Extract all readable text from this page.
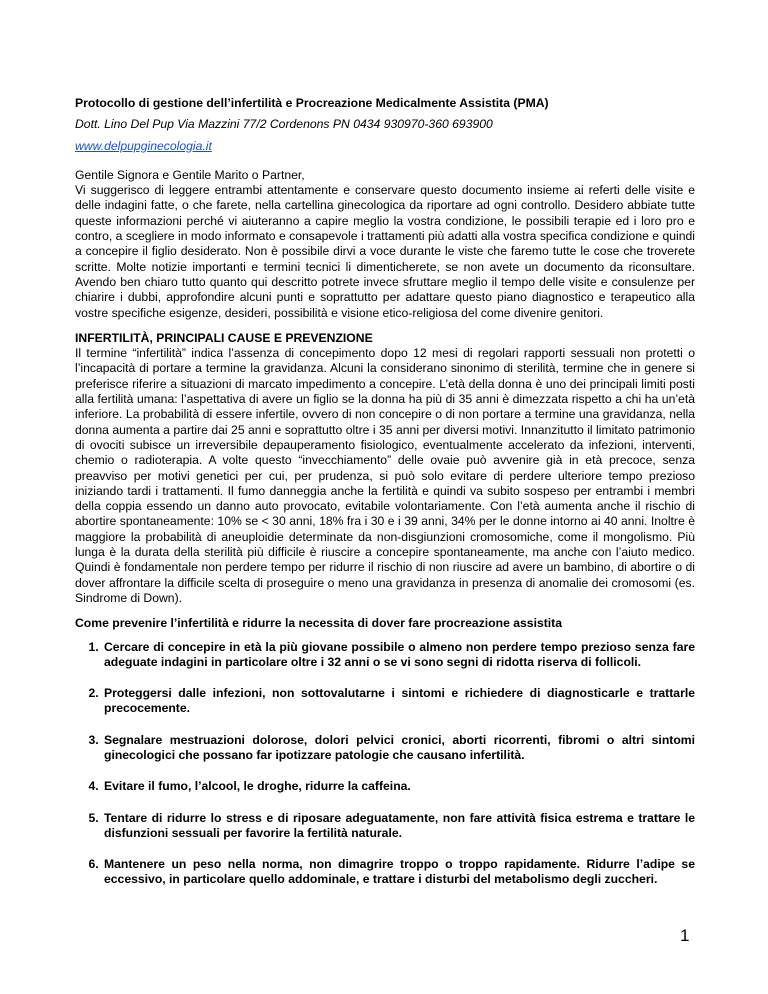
Protocollo di gestione dell’infertilità e Procreazione Medicalmente Assistita (PMA)

Dott. Lino Del Pup Via Mazzini 77/2 Cordenons PN 0434 930970-360 693900

www.delpupginecologia.it

Gentile Signora e Gentile Marito o Partner,

Vi suggerisco di leggere entrambi attentamente e conservare questo documento insieme ai referti delle visite e delle indagini fatte, o che farete, nella cartellina ginecologica da riportare ad ogni controllo. Desidero abbiate tutte queste informazioni perché vi aiuteranno a capire meglio la vostra condizione, le possibili terapie ed i loro pro e contro, a scegliere in modo informato e consapevole i trattamenti più adatti alla vostra specifica condizione e quindi a concepire il figlio desiderato. Non è possibile dirvi a voce durante le viste che faremo tutte le cose che troverete scritte. Molte notizie importanti e termini tecnici li dimenticherete, se non avete un documento da riconsultare. Avendo ben chiaro tutto quanto qui descritto potrete invece sfruttare meglio il tempo delle visite e consulenze per chiarire i dubbi, approfondire alcuni punti e soprattutto per adattare questo piano diagnostico e terapeutico alla vostre specifiche esigenze, desideri, possibilità e visione etico-religiosa del come divenire genitori.

INFERTILITÀ, PRINCIPALI CAUSE E PREVENZIONE

Il termine “infertilità” indica l’assenza di concepimento dopo 12 mesi di regolari rapporti sessuali non protetti o l’incapacità di portare a termine la gravidanza. Alcuni la considerano sinonimo di sterilità, termine che in genere si preferisce riferire a situazioni di marcato impedimento a concepire. L’età della donna è uno dei principali limiti posti alla fertilità umana: l’aspettativa di avere un figlio se la donna ha più di 35 anni è dimezzata rispetto a chi ha un’età inferiore. La probabilità di essere infertile, ovvero di non concepire o di non portare a termine una gravidanza, nella donna aumenta a partire dai 25 anni e soprattutto oltre i 35 anni per diversi motivi. Innanzitutto il limitato patrimonio di ovociti subisce un irreversibile depauperamento fisiologico, eventualmente accelerato da infezioni, interventi, chemio o radioterapia. A volte questo “invecchiamento” delle ovaie può avvenire già in età precoce, senza preavviso per motivi genetici per cui, per prudenza, si può solo evitare di perdere ulteriore tempo prezioso iniziando tardi i trattamenti. Il fumo danneggia anche la fertilità e quindi va subito sospeso per entrambi i membri della coppia essendo un danno auto provocato, evitabile volontariamente. Con l’età aumenta anche il rischio di abortire spontaneamente: 10% se < 30 anni, 18% fra i 30 e i 39 anni, 34% per le donne intorno ai 40 anni. Inoltre è maggiore la probabilità di aneuploidie determinate da non-disgiunzioni cromosomiche, come il mongolismo. Più lunga è la durata della sterilità più difficile è riuscire a concepire spontaneamente, ma anche con l’aiuto medico. Quindi è fondamentale non perdere tempo per ridurre il rischio di non riuscire ad avere un bambino, di abortire o di dover affrontare la difficile scelta di proseguire o meno una gravidanza in presenza di anomalie dei cromosomi (es. Sindrome di Down).

Come prevenire l’infertilità e ridurre la necessita di dover fare procreazione assistita

1. Cercare di concepire in età la più giovane possibile o almeno non perdere tempo prezioso senza fare adeguate indagini in particolare oltre i 32 anni o se vi sono segni di ridotta riserva di follicoli.
2. Proteggersi dalle infezioni, non sottovalutarne i sintomi e richiedere di diagnosticarle e trattarle precocemente.
3. Segnalare mestruazioni dolorose, dolori pelvici cronici, aborti ricorrenti, fibromi o altri sintomi ginecologici che possano far ipotizzare patologie che causano infertilità.
4. Evitare il fumo, l’alcool, le droghe, ridurre la caffeina.
5. Tentare di ridurre lo stress e di riposare adeguatamente, non fare attività fisica estrema e trattare le disfunzioni sessuali per favorire la fertilità naturale.
6. Mantenere un peso nella norma, non dimagrire troppo o troppo rapidamente. Ridurre l’adipe se eccessivo, in particolare quello addominale, e trattare i disturbi del metabolismo degli zuccheri.
1
